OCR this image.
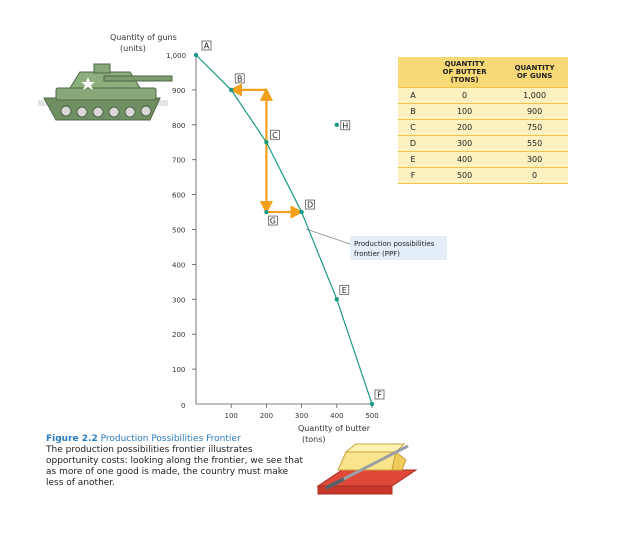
Quantity of guns
(units)
Quantity of butter
(tons)
1,000
0
100
200
300
400
500
600
700
800
900
100	200	300	400	500
A
B
C
D
E
F
G
H
Production possibilities
frontier (PPF)
	QUANTITY
OF BUTTER
(TONS)	QUANTITY
OF GUNS
A	0	1,000
B	100	900
C	200	750
D	300	550
E	400	300
F	500	0
Figure 2.2 Production Possibilities Frontier
The production possibilities frontier illustrates opportunity costs: looking along the frontier, we see that as more of one good is made, the country must make less of another.
